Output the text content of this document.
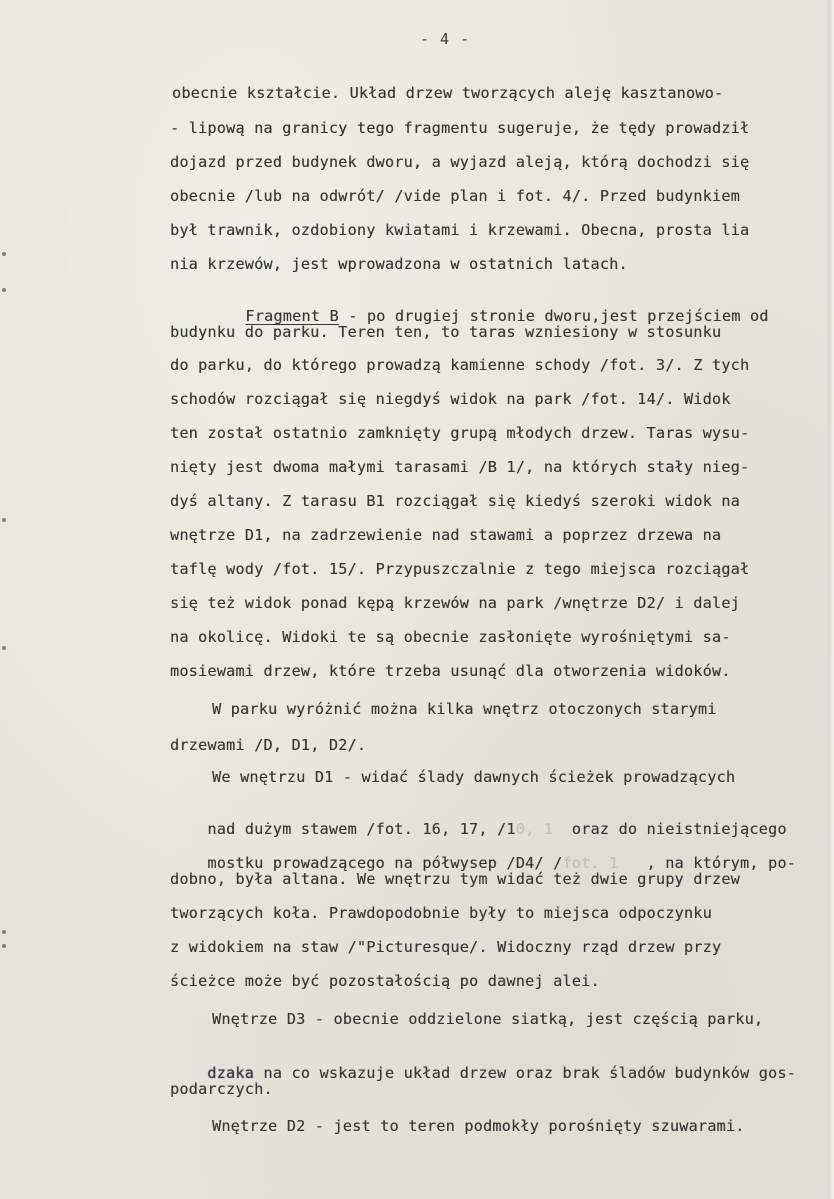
- 4 -
obecnie kształcie. Układ drzew tworzących aleję kasztanowo-
- lipową na granicy tego fragmentu sugeruje, że tędy prowadził
dojazd przed budynek dworu, a wyjazd aleją, którą dochodzi się
obecnie /lub na odwrót/ /vide plan i fot. 4/. Przed budynkiem
był trawnik, ozdobiony kwiatami i krzewami. Obecna, prosta lia
nia krzewów, jest wprowadzona w ostatnich latach.

Fragment B - po drugiej stronie dworu,jest przejściem od

budynku do parku. Teren ten, to taras wzniesiony w stosunku
do parku, do którego prowadzą kamienne schody /fot. 3/. Z tych
schodów rozciągał się niegdyś widok na park /fot. 14/. Widok
ten został ostatnio zamknięty grupą młodych drzew. Taras wysu-
nięty jest dwoma małymi tarasami /B 1/, na których stały nieg-
dyś altany. Z tarasu B1 rozciągał się kiedyś szeroki widok na
wnętrze D1, na zadrzewienie nad stawami a poprzez drzewa na
taflę wody /fot. 15/. Przypuszczalnie z tego miejsca rozciągał
się też widok ponad kępą krzewów na park /wnętrze D2/ i dalej
na okolicę. Widoki te są obecnie zasłonięte wyrośniętymi sa-
mosiewami drzew, które trzeba usunąć dla otworzenia widoków.
W parku wyróżnić można kilka wnętrz otoczonych starymi
drzewami /D, D1, D2/.
We wnętrzu D1 - widać ślady dawnych ścieżek prowadzących

nad dużym stawem /fot. 16, 17, /10, 1  oraz do nieistniejącego

mostku prowadzącego na półwysep /D4/ /fot. 1   , na którym, po-

dobno, była altana. We wnętrzu tym widać też dwie grupy drzew
tworzących koła. Prawdopodobnie były to miejsca odpoczynku
z widokiem na staw /"Picturesque/. Widoczny rząd drzew przy
ścieżce może być pozostałością po dawnej alei.
Wnętrze D3 - obecnie oddzielone siatką, jest częścią parku,

dzaka na co wskazuje układ drzew oraz brak śladów budynków gos-

podarczych.
Wnętrze D2 - jest to teren podmokły porośnięty szuwarami.
